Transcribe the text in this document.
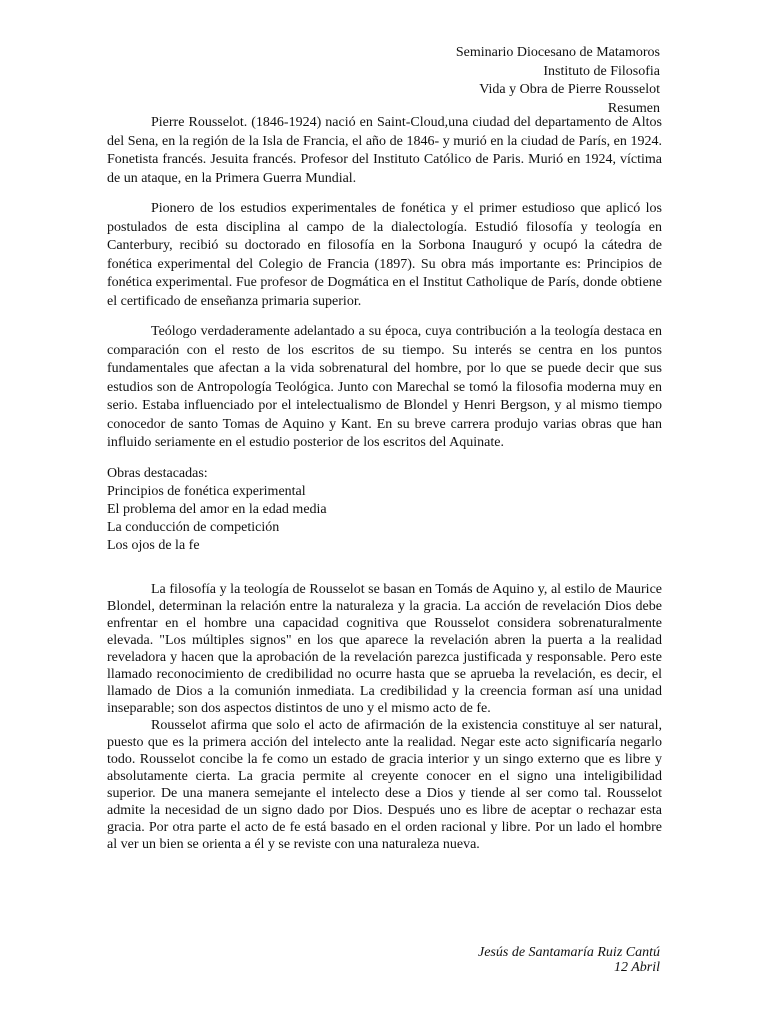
Seminario Diocesano de Matamoros
Instituto de Filosofia
Vida y Obra de Pierre Rousselot
Resumen

Pierre Rousselot. (1846-1924) nació en Saint-Cloud,una ciudad del departamento de Altos del Sena, en la región de la Isla de Francia, el año de 1846- y murió en la ciudad de París, en 1924. Fonetista francés. Jesuita francés. Profesor del Instituto Católico de Paris. Murió en 1924, víctima de un ataque, en la Primera Guerra Mundial.

Pionero de los estudios experimentales de fonética y el primer estudioso que aplicó los postulados de esta disciplina al campo de la dialectología. Estudió filosofía y teología en Canterbury, recibió su doctorado en filosofía en la Sorbona Inauguró y ocupó la cátedra de fonética experimental del Colegio de Francia (1897). Su obra más importante es: Principios de fonética experimental. Fue profesor de Dogmática en el Institut Catholique de París, donde obtiene el certificado de enseñanza primaria superior.

Teólogo verdaderamente adelantado a su época, cuya contribución a la teología destaca en comparación con el resto de los escritos de su tiempo. Su interés se centra en los puntos fundamentales que afectan a la vida sobrenatural del hombre, por lo que se puede decir que sus estudios son de Antropología Teológica. Junto con Marechal se tomó la filosofia moderna muy en serio. Estaba influenciado por el intelectualismo de Blondel y Henri Bergson, y al mismo tiempo conocedor de santo Tomas de Aquino y Kant. En su breve carrera produjo varias obras que han influido seriamente en el estudio posterior de los escritos del Aquinate.

Obras destacadas:
Principios de fonética experimental
El problema del amor en la edad media
La conducción de competición
Los ojos de la fe

La filosofía y la teología de Rousselot se basan en Tomás de Aquino y, al estilo de Maurice Blondel, determinan la relación entre la naturaleza y la gracia. La acción de revelación Dios debe enfrentar en el hombre una capacidad cognitiva que Rousselot considera sobrenaturalmente elevada. "Los múltiples signos" en los que aparece la revelación abren la puerta a la realidad reveladora y hacen que la aprobación de la revelación parezca justificada y responsable. Pero este llamado reconocimiento de credibilidad no ocurre hasta que se aprueba la revelación, es decir, el llamado de Dios a la comunión inmediata. La credibilidad y la creencia forman así una unidad inseparable; son dos aspectos distintos de uno y el mismo acto de fe.

Rousselot afirma que solo el acto de afirmación de la existencia constituye al ser natural, puesto que es la primera acción del intelecto ante la realidad. Negar este acto significaría negarlo todo. Rousselot concibe la fe como un estado de gracia interior y un singo externo que es libre y absolutamente cierta. La gracia permite al creyente conocer en el signo una inteligibilidad superior. De una manera semejante el intelecto dese a Dios y tiende al ser como tal. Rousselot admite la necesidad de un signo dado por Dios. Después uno es libre de aceptar o rechazar esta gracia. Por otra parte el acto de fe está basado en el orden racional y libre. Por un lado el hombre al ver un bien se orienta a él y se reviste con una naturaleza nueva.

Jesús de Santamaría Ruiz Cantú
12 Abril
